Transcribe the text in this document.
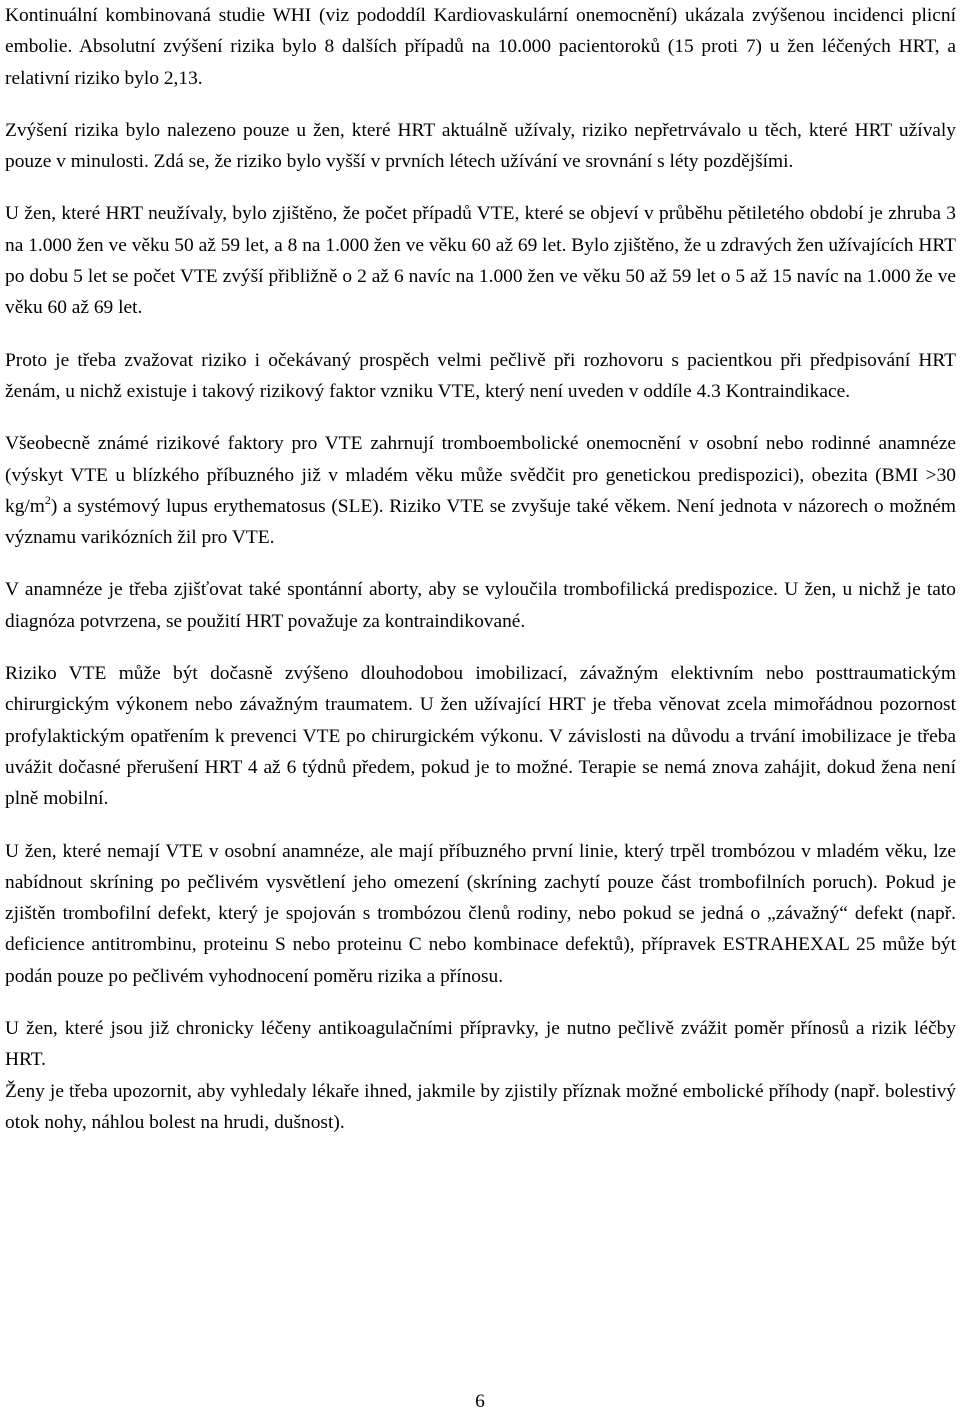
Kontinuální kombinovaná studie WHI (viz pododdíl Kardiovaskulární onemocnění) ukázala zvýšenou incidenci plicní embolie. Absolutní zvýšení rizika bylo 8 dalších případů na 10.000 pacientoroků (15 proti 7) u žen léčených HRT, a relativní riziko bylo 2,13.

Zvýšení rizika bylo nalezeno pouze u žen, které HRT aktuálně užívaly, riziko nepřetrvávalo u těch, které HRT užívaly pouze v minulosti. Zdá se, že riziko bylo vyšší v prvních létech užívání ve srovnání s léty pozdějšími.

U žen, které HRT neužívaly, bylo zjištěno, že počet případů VTE, které se objeví v průběhu pětiletého období je zhruba 3 na 1.000 žen ve věku 50 až 59 let, a 8 na 1.000 žen ve věku 60 až 69 let. Bylo zjištěno, že u zdravých žen užívajících HRT po dobu 5 let se počet VTE zvýší přibližně o 2 až 6 navíc na 1.000 žen ve věku 50 až 59 let o 5 až 15 navíc na 1.000 že ve věku 60 až 69 let.

Proto je třeba zvažovat riziko i očekávaný prospěch velmi pečlivě při rozhovoru s pacientkou při předpisování HRT ženám, u nichž existuje i takový rizikový faktor vzniku VTE, který není uveden v oddíle 4.3 Kontraindikace.

Všeobecně známé rizikové faktory pro VTE zahrnují tromboembolické onemocnění v osobní nebo rodinné anamnéze (výskyt VTE u blízkého příbuzného již v mladém věku může svědčit pro genetickou predispozici), obezita (BMI >30 $kg/m^2$) a systémový lupus erythematosus (SLE). Riziko VTE se zvyšuje také věkem. Není jednota v názorech o možném významu varikózních žil pro VTE.

V anamnéze je třeba zjišťovat také spontánní aborty, aby se vyloučila trombofilická predispozice. U žen, u nichž je tato diagnóza potvrzena, se použití HRT považuje za kontraindikované.

Riziko VTE může být dočasně zvýšeno dlouhodobou imobilizací, závažným elektivním nebo posttraumatickým chirurgickým výkonem nebo závažným traumatem. U žen užívající HRT je třeba věnovat zcela mimořádnou pozornost profylaktickým opatřením k prevenci VTE po chirurgickém výkonu. V závislosti na důvodu a trvání imobilizace je třeba uvážit dočasné přerušení HRT 4 až 6 týdnů předem, pokud je to možné. Terapie se nemá znova zahájit, dokud žena není plně mobilní.

U žen, které nemají VTE v osobní anamnéze, ale mají příbuzného první linie, který trpěl trombózou v mladém věku, lze nabídnout skríning po pečlivém vysvětlení jeho omezení (skríning zachytí pouze část trombofilních poruch). Pokud je zjištěn trombofilní defekt, který je spojován s trombózou členů rodiny, nebo pokud se jedná o „závažný“ defekt (např. deficience antitrombinu, proteinu S nebo proteinu C nebo kombinace defektů), přípravek ESTRAHEXAL 25 může být podán pouze po pečlivém vyhodnocení poměru rizika a přínosu.

U žen, které jsou již chronicky léčeny antikoagulačními přípravky, je nutno pečlivě zvážit poměr přínosů a rizik léčby HRT.

Ženy je třeba upozornit, aby vyhledaly lékaře ihned, jakmile by zjistily příznak možné embolické příhody (např. bolestivý otok nohy, náhlou bolest na hrudi, dušnost).

6
